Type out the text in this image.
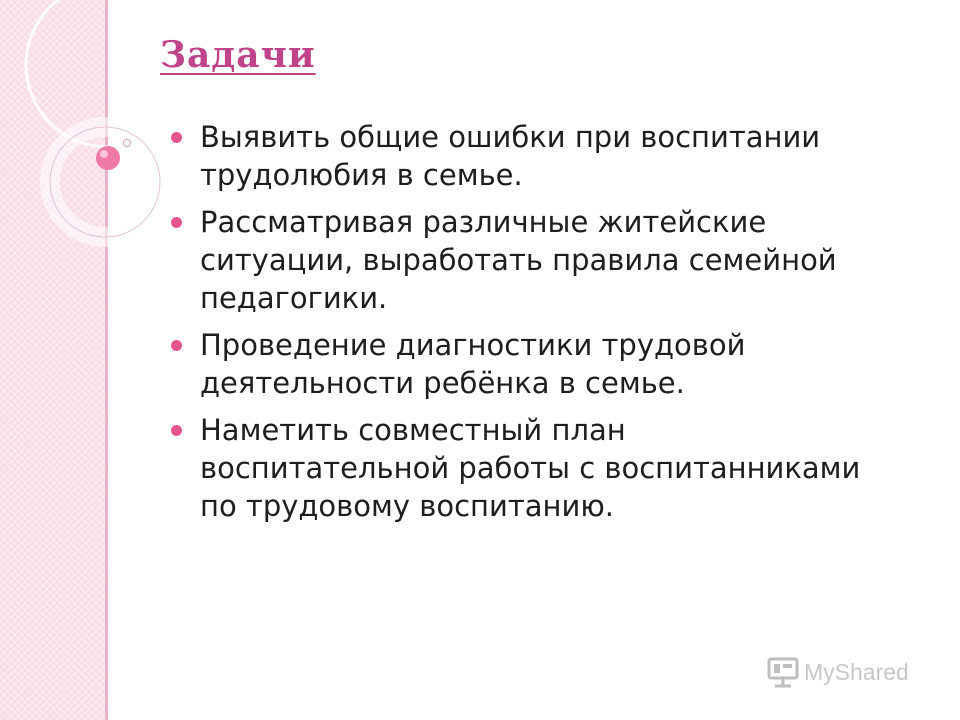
Задачи
Выявить общие ошибки при воспитании трудолюбия в семье.
Рассматривая различные житейские ситуации, выработать правила семейной педагогики.
Проведение диагностики трудовой деятельности ребёнка в семье.
Наметить совместный план воспитательной работы с воспитанниками по трудовому воспитанию.
MyShared
